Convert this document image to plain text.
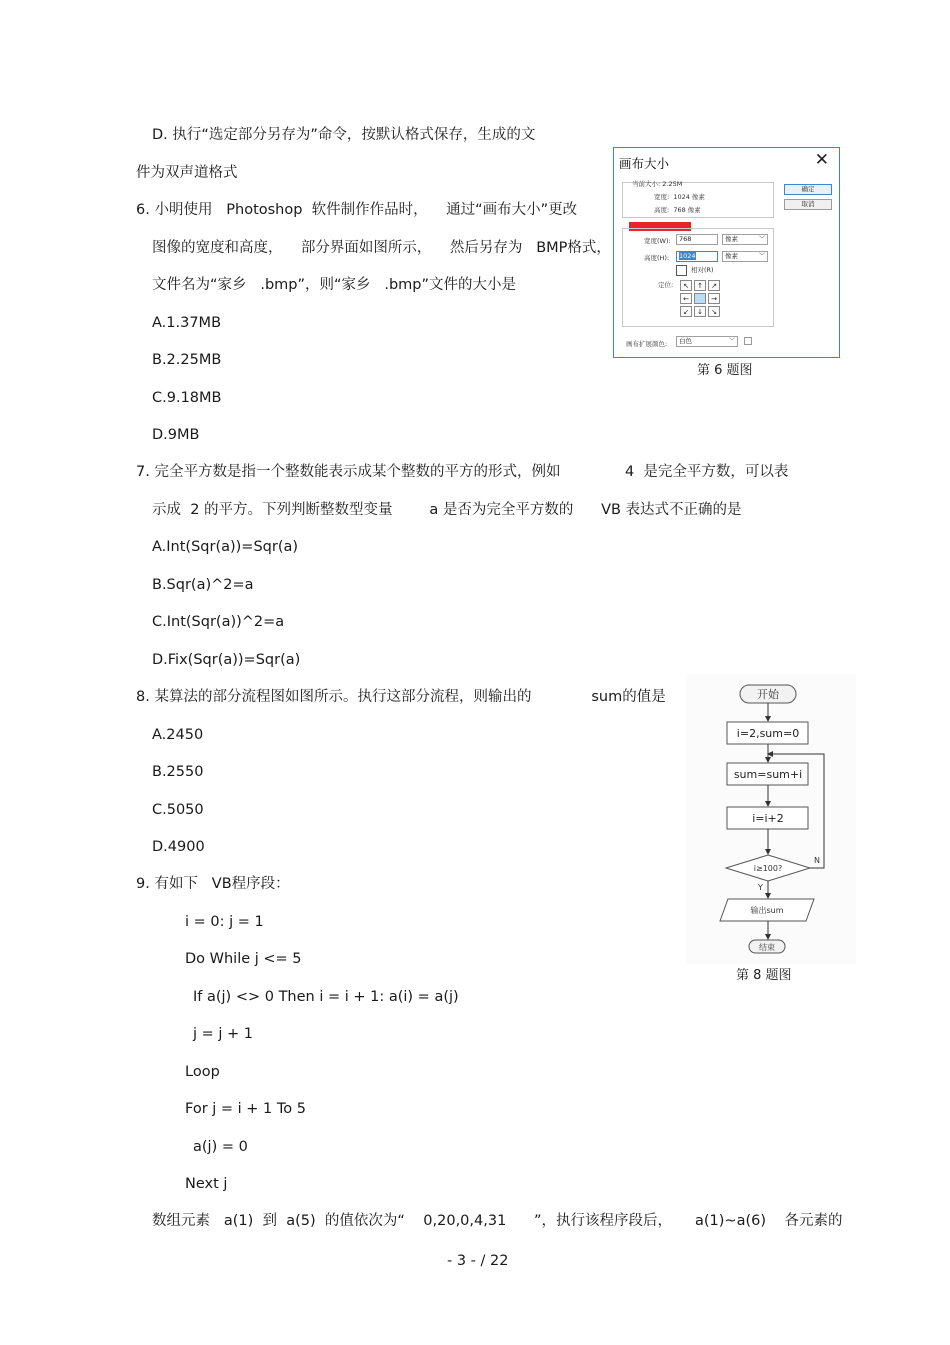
D. 执行“选定部分另存为”命令，按默认格式保存，生成的文
件为双声道格式
6. 小明使用   Photoshop  软件制作作品时，    通过“画布大小”更改
图像的宽度和高度，    部分界面如图所示，    然后另存为   BMP格式，
文件名为“家乡   .bmp”，则“家乡   .bmp”文件的大小是
A.1.37MB
B.2.25MB
C.9.18MB
D.9MB
7. 完全平方数是指一个整数能表示成某个整数的平方的形式，例如              4  是完全平方数，可以表
示成  2 的平方。下列判断整数型变量        a 是否为完全平方数的      VB 表达式不正确的是
A.Int(Sqr(a))=Sqr(a)
B.Sqr(a)^2=a
C.Int(Sqr(a))^2=a
D.Fix(Sqr(a))=Sqr(a)
8. 某算法的部分流程图如图所示。执行这部分流程，则输出的             sum的值是
A.2450
B.2550
C.5050
D.4900
9. 有如下   VB程序段：
i = 0: j = 1
Do While j <= 5
If a(j) <> 0 Then i = i + 1: a(i) = a(j)
j = j + 1
Loop
For j = i + 1 To 5
a(j) = 0
Next j
数组元素   a(1)  到  a(5)  的值依次为“    0,20,0,4,31      ”，执行该程序段后，     a(1)~a(6)    各元素的
- 3 - / 22
画布大小	✕
当前大小: 2.25M
宽度:  1024 像素
高度:  768 像素
确定
取消
宽度(W):	768	像素	﹀
高度(H):	1024	像素	﹀
相对(R)
定位:	↖	↑	↗
←	→
↙	↓	↘
画布扩展颜色:	白色	﹀
第 6 题图
开始
i=2,sum=0
sum=sum+i
i=i+2
i≥100?
N
Y
输出sum
结束
第 8 题图
